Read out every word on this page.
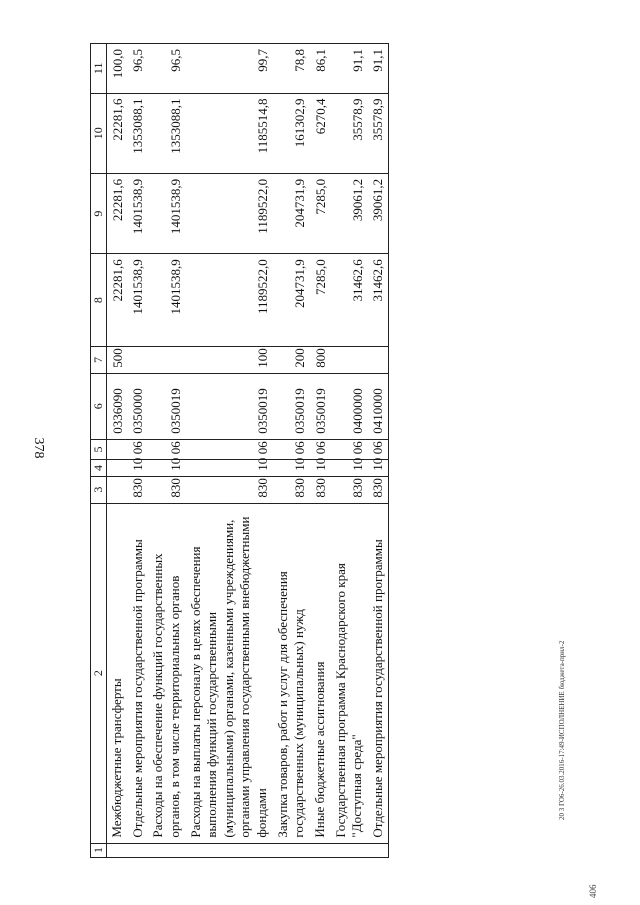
378
1	2	3	4	5	6	7	8	9	10	11
	Межбюджетные трансферты				0336090	500	22281,6	22281,6	22281,6	100,0
	Отдельные мероприятия государственной программы	830	10	06	0350000		1401538,9	1401538,9	1353088,1	96,5
	Расходы на обеспечение функций государственных органов, в том числе территориальных органов	830	10	06	0350019		1401538,9	1401538,9	1353088,1	96,5
	Расходы на выплаты персоналу в целях обеспечения выполнения функций государственными (муниципальными) органами, казенными учреждениями, органами управления государственными внебюджетными фондами	830	10	06	0350019	100	1189522,0	1189522,0	1185514,8	99,7
	Закупка товаров, работ и услуг для обеспечения государственных (муниципальных) нужд	830	10	06	0350019	200	204731,9	204731,9	161302,9	78,8
	Иные бюджетные ассигнования	830	10	06	0350019	800	7285,0	7285,0	6270,4	86,1
	Государственная программа Краснодарского края "Доступная среда"	830	10	06	0400000		31462,6	39061,2	35578,9	91,1
	Отдельные мероприятия государственной программы	830	10	06	0410000		31462,6	39061,2	35578,9	91,1
20 З ГО6-26.03.2016-17:49-ИСПОЛНЕНИЕ бюджета-прил-2
406
